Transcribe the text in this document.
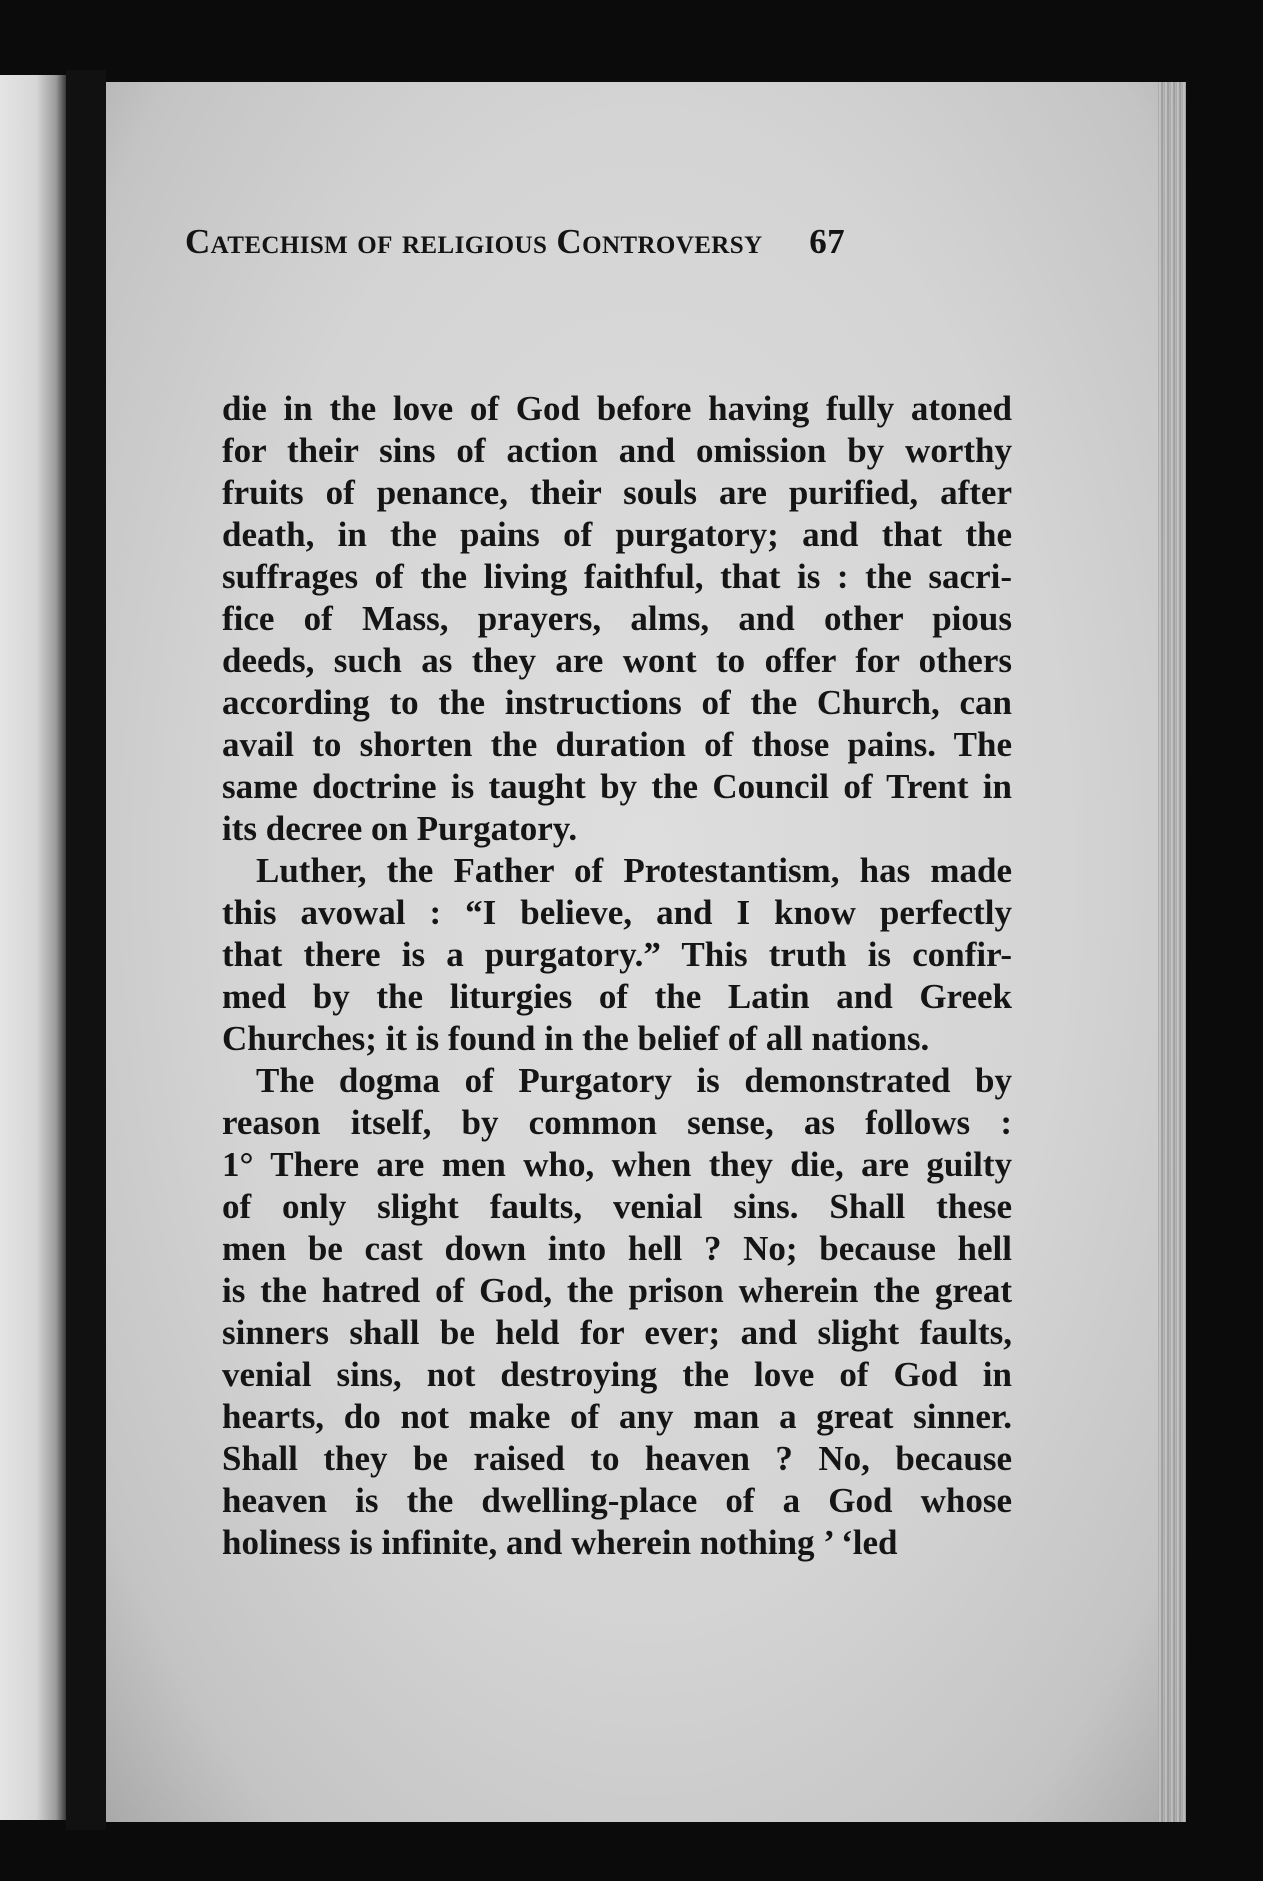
Catechism of religious Controversy 67
die in the love of God before having fully atoned
for their sins of action and omission by worthy
fruits of penance, their souls are purified, after
death, in the pains of purgatory; and that the
suffrages of the living faithful, that is : the sacri-
fice of Mass, prayers, alms, and other pious
deeds, such as they are wont to offer for others
according to the instructions of the Church, can
avail to shorten the duration of those pains. The
same doctrine is taught by the Council of Trent in
its decree on Purgatory.
Luther, the Father of Protestantism, has made
this avowal : “I believe, and I know perfectly
that there is a purgatory.” This truth is confir-
med by the liturgies of the Latin and Greek
Churches; it is found in the belief of all nations.
The dogma of Purgatory is demonstrated by
reason itself, by common sense, as follows :
1° There are men who, when they die, are guilty
of only slight faults, venial sins. Shall these
men be cast down into hell ? No; because hell
is the hatred of God, the prison wherein the great
sinners shall be held for ever; and slight faults,
venial sins, not destroying the love of God in
hearts, do not make of any man a great sinner.
Shall they be raised to heaven ? No, because
heaven is the dwelling-place of a God whose
holiness is infinite, and wherein nothing ’ ‘led
